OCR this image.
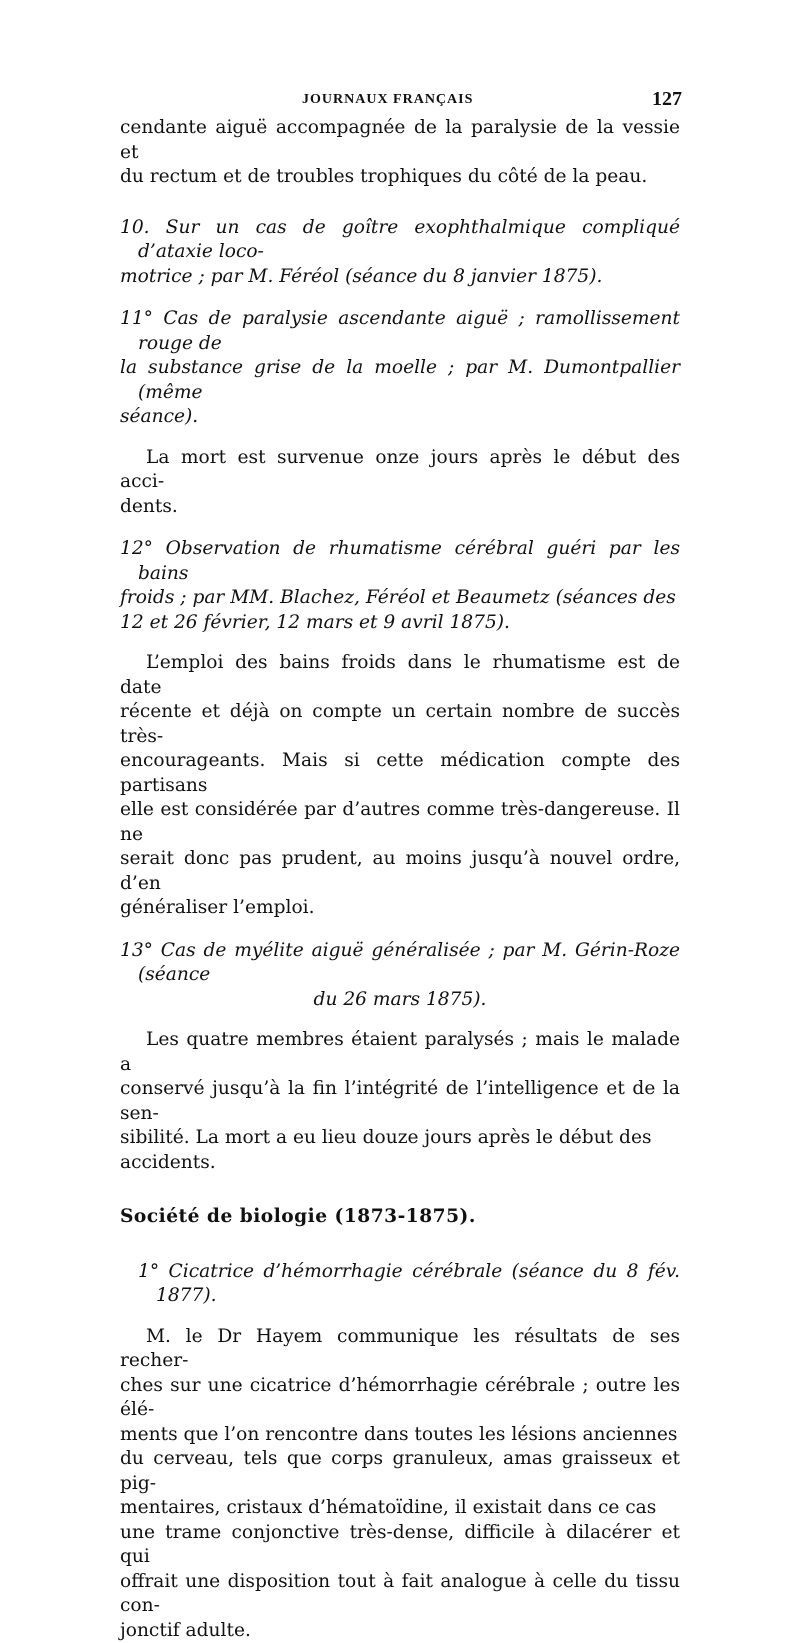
JOURNAUX FRANÇAIS	127
cendante aiguë accompagnée de la paralysie de la vessie et
du rectum et de troubles trophiques du côté de la peau.
10. Sur un cas de goître exophthalmique compliqué d’ataxie loco-
motrice ; par M. Féréol (séance du 8 janvier 1875).
11° Cas de paralysie ascendante aiguë ; ramollissement rouge de
la substance grise de la moelle ; par M. Dumontpallier (même
séance).
La mort est survenue onze jours après le début des acci-
dents.
12° Observation de rhumatisme cérébral guéri par les bains
froids ; par MM. Blachez, Féréol et Beaumetz (séances des
12 et 26 février, 12 mars et 9 avril 1875).
L’emploi des bains froids dans le rhumatisme est de date
récente et déjà on compte un certain nombre de succès très-
encourageants. Mais si cette médication compte des partisans
elle est considérée par d’autres comme très-dangereuse. Il ne
serait donc pas prudent, au moins jusqu’à nouvel ordre, d’en
généraliser l’emploi.
13° Cas de myélite aiguë généralisée ; par M. Gérin-Roze (séance
du 26 mars 1875).
Les quatre membres étaient paralysés ; mais le malade a
conservé jusqu’à la fin l’intégrité de l’intelligence et de la sen-
sibilité. La mort a eu lieu douze jours après le début des
accidents.
Société de biologie (1873-1875).
1° Cicatrice d’hémorrhagie cérébrale (séance du 8 fév. 1877).
M. le Dr Hayem communique les résultats de ses recher-
ches sur une cicatrice d’hémorrhagie cérébrale ; outre les élé-
ments que l’on rencontre dans toutes les lésions anciennes
du cerveau, tels que corps granuleux, amas graisseux et pig-
mentaires, cristaux d’hématoïdine, il existait dans ce cas
une trame conjonctive très-dense, difficile à dilacérer et qui
offrait une disposition tout à fait analogue à celle du tissu con-
jonctif adulte.
